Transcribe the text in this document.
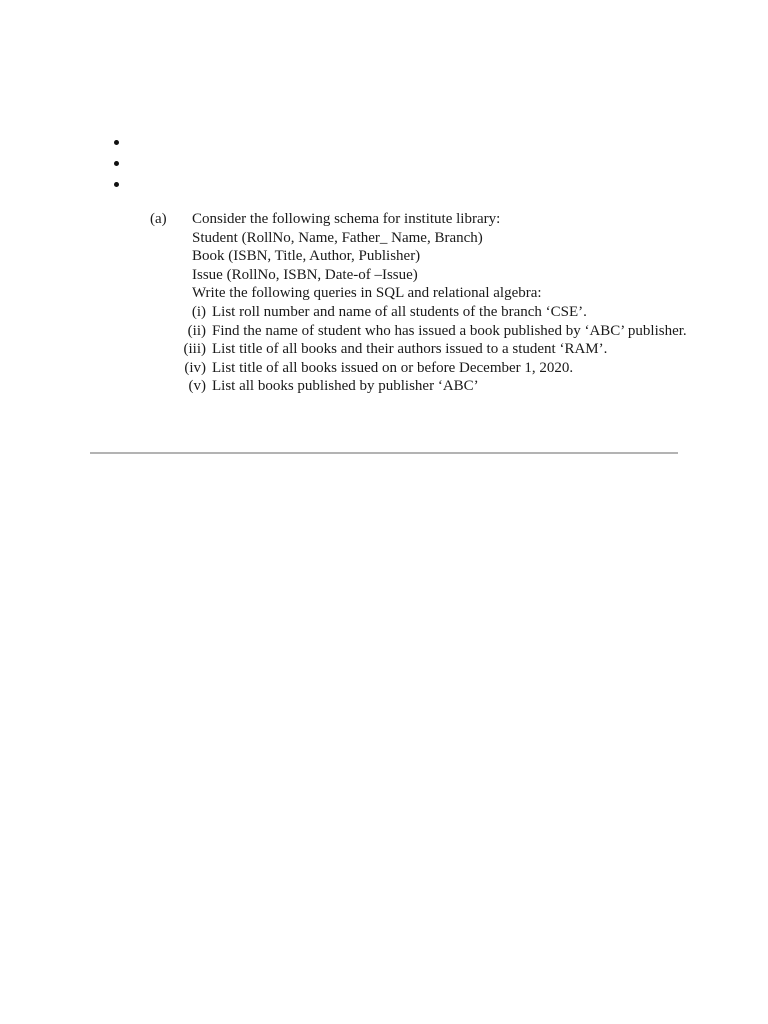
(a) Consider the following schema for institute library:
Student (RollNo, Name, Father_ Name, Branch)
Book (ISBN, Title, Author, Publisher)
Issue (RollNo, ISBN, Date-of –Issue)
Write the following queries in SQL and relational algebra:
(i) List roll number and name of all students of the branch ‘CSE’.
(ii) Find the name of student who has issued a book published by ‘ABC’ publisher.
(iii) List title of all books and their authors issued to a student ‘RAM’.
(iv) List title of all books issued on or before December 1, 2020.
(v) List all books published by publisher ‘ABC’
